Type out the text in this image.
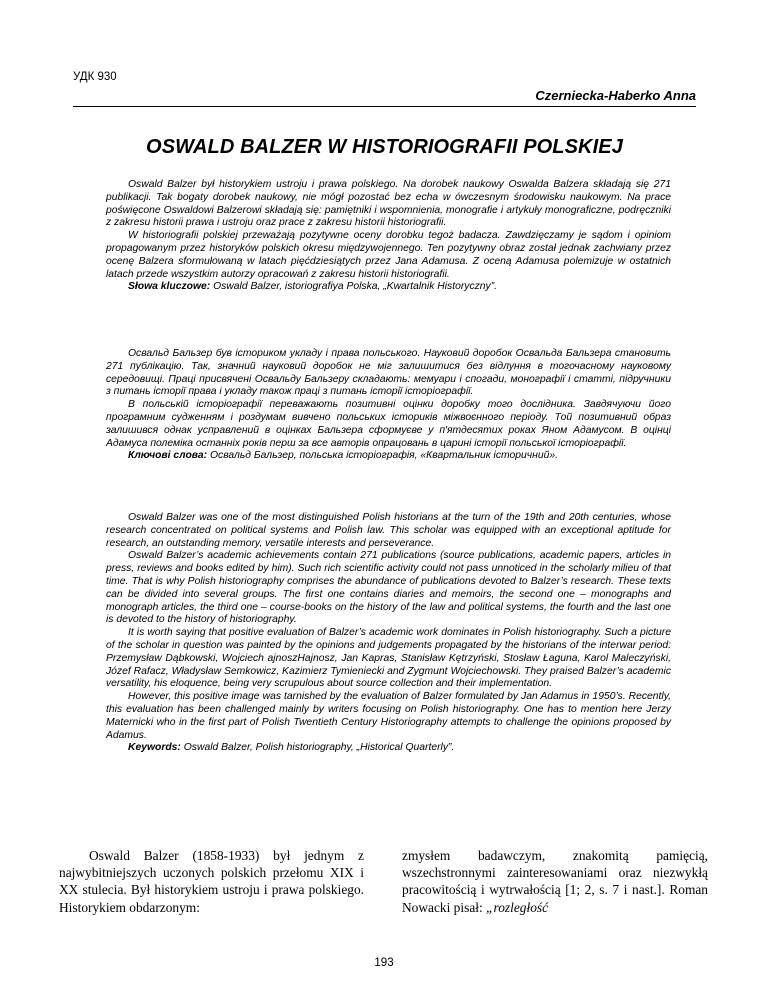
УДК 930
Czerniecka-Haberko Anna
OSWALD BALZER W HISTORIOGRAFII POLSKIEJ

Oswald Balzer był historykiem ustroju i prawa polskiego. Na dorobek naukowy Oswalda Balzera składają się 271 publikacji. Tak bogaty dorobek naukowy, nie mógł pozostać bez echa w ówczesnym środowisku naukowym. Na prace poświęcone Oswaldowi Balzerowi składają się: pamiętniki i wspomnienia, monografie i artykuły monograficzne, podręczniki z zakresu historii prawa i ustroju oraz prace z zakresu historii historiografii.

W historiografii polskiej przeważają pozytywne oceny dorobku tegoż badacza. Zawdzięczamy je sądom i opiniom propagowanym przez historyków polskich okresu międzywojennego. Ten pozytywny obraz został jednak zachwiany przez ocenę Balzera sformułowaną w latach pięćdziesiątych przez Jana Adamusa. Z oceną Adamusa polemizuje w ostatnich latach przede wszystkim autorzy opracowań z zakresu historii historiografii.

Słowa kluczowe: Oswald Balzer, istoriografiya Polska, „Kwartalnik Historyczny”.

Освальд Бальзер був істориком укладу і права польського. Науковий доробок Освальда Бальзера становить 271 публікацію. Так, значний науковий доробок не міг залишитися без відлуння в тогочасному науковому середовищі. Праці присвячені Освальду Бальзеру складають: мемуари і спогади, монографії і статті, підручники з питань історії права і укладу також праці з питань історії історіографії.

В польській історіографії переважають позитивні оцінки доробку того дослідника. Завдячуючи його програмним судженням і роздумам вивчено польських істориків міжвоєнного періоду. Той позитивний образ залишився однак усправлений в оцінках Бальзера сформуєве у п'ятдесятих роках Яном Адамусом. В оцінці Адамуса полеміка останніх років перш за все авторів опрацовань в царині історії польської історіографії.

Ключові слова: Освальд Бальзер, польська історіографія, «Квартальник історичний».

Oswald Balzer was one of the most distinguished Polish historians at the turn of the 19th and 20th centuries, whose research concentrated on political systems and Polish law. This scholar was equipped with an exceptional aptitude for research, an outstanding memory, versatile interests and perseverance.

Oswald Balzer’s academic achievements contain 271 publications (source publications, academic papers, articles in press, reviews and books edited by him). Such rich scientific activity could not pass unnoticed in the scholarly milieu of that time. That is why Polish historiography comprises the abundance of publications devoted to Balzer’s research. These texts can be divided into several groups. The first one contains diaries and memoirs, the second one – monographs and monograph articles, the third one – course-books on the history of the law and political systems, the fourth and the last one is devoted to the history of historiography.

It is worth saying that positive evaluation of Balzer’s academic work dominates in Polish historiography. Such a picture of the scholar in question was painted by the opinions and judgements propagated by the historians of the interwar period: Przemysław Dąbkowski, Wojciech ajnoszHajnosz, Jan Kapras, Stanisław Kętrzyński, Stosław Łaguna, Karol Maleczyński, Józef Rafacz, Władysław Semkowicz, Kazimierz Tymieniecki and Zygmunt Wojciechowski. They praised Balzer’s academic versatility, his eloquence, being very scrupulous about source collection and their implementation.

However, this positive image was tarnished by the evaluation of Balzer formulated by Jan Adamus in 1950’s. Recently, this evaluation has been challenged mainly by writers focusing on Polish historiography. One has to mention here Jerzy Maternicki who in the first part of Polish Twentieth Century Historiography attempts to challenge the opinions proposed by Adamus.

Keywords: Oswald Balzer, Polish historiography, „Historical Quarterly”.

Oswald Balzer (1858-1933) był jednym z najwybitniejszych uczonych polskich przełomu XIX i XX stulecia. Był historykiem ustroju i prawa polskiego. Historykiem obdarzonym:

zmysłem badawczym, znakomitą pamięcią, wszechstronnymi zainteresowaniami oraz niezwykłą pracowitością i wytrwałością [1; 2, s. 7 i nast.]. Roman Nowacki pisał: „rozległość

193
